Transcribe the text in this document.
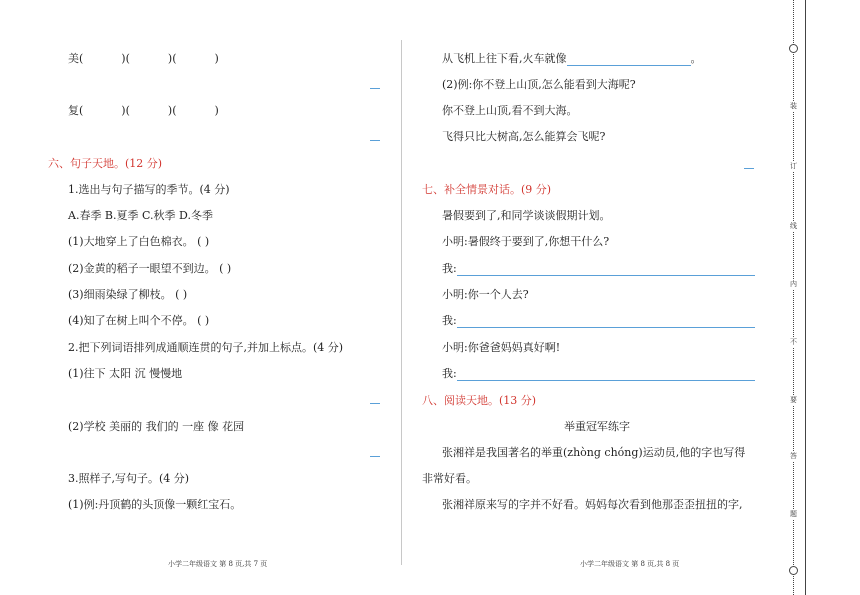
美(	)(	)(	)
复(	)(	)(	)
六、句子天地。(12 分)
1.选出与句子描写的季节。(4 分)
A.春季 B.夏季 C.秋季 D.冬季
(1)大地穿上了白色棉衣。 ( )
(2)金黄的稻子一眼望不到边。 ( )
(3)细雨染绿了柳枝。 ( )
(4)知了在树上叫个不停。 ( )
2.把下列词语排列成通顺连贯的句子,并加上标点。(4 分)
(1)往下 太阳 沉 慢慢地
(2)学校 美丽的 我们的 一座 像 花园
3.照样子,写句子。(4 分)
(1)例:丹顶鹤的头顶像一颗红宝石。
小学二年级语文 第 8 页,共 7 页
从飞机上往下看,火车就像	。
(2)例:你不登上山顶,怎么能看到大海呢?
你不登上山顶,看不到大海。
飞得只比大树高,怎么能算会飞呢?
七、补全情景对话。(9 分)
暑假要到了,和同学谈谈假期计划。
小明:暑假终于要到了,你想干什么?
我:
小明:你一个人去?
我:
小明:你爸爸妈妈真好啊!
我:
八、阅读天地。(13 分)
举重冠军练字
张湘祥是我国著名的举重(zhòng chóng)运动员,他的字也写得
非常好看。
张湘祥原来写的字并不好看。妈妈每次看到他那歪歪扭扭的字,
小学二年级语文 第 8 页,共 8 页
装
订
线
内
不
要
答
题
